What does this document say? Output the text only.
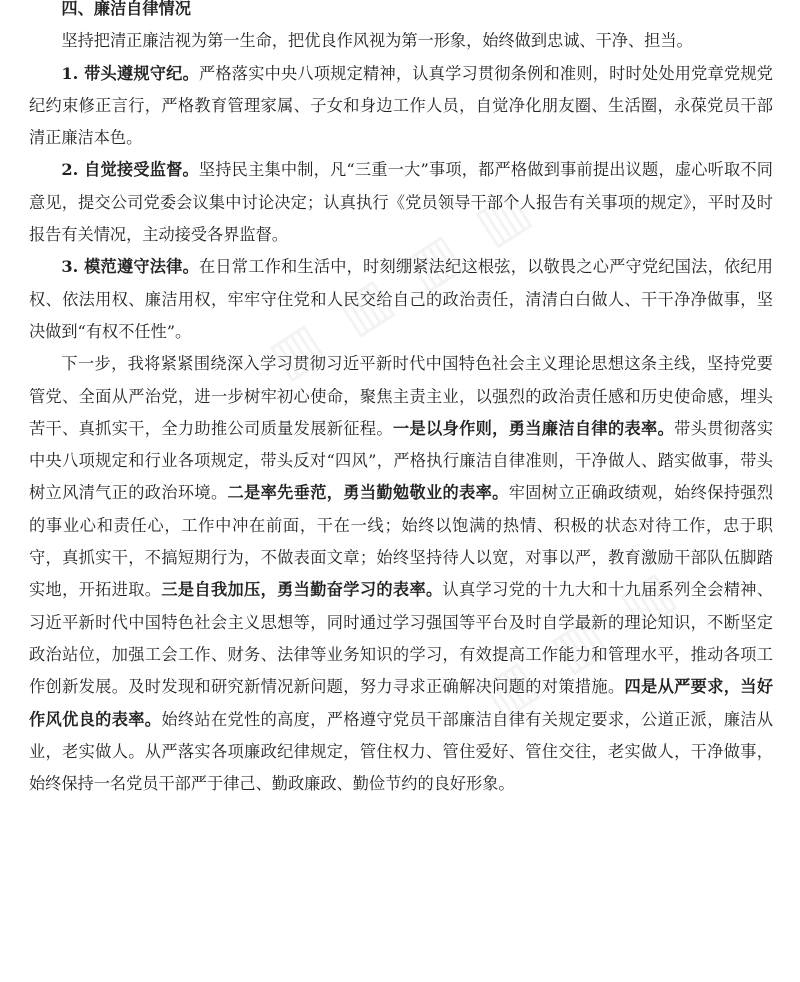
四、廉洁自律情况

坚持把清正廉洁视为第一生命，把优良作风视为第一形象，始终做到忠诚、干净、担当。

1. 带头遵规守纪。严格落实中央八项规定精神，认真学习贯彻条例和准则，时时处处用党章党规党纪约束修正言行，严格教育管理家属、子女和身边工作人员，自觉净化朋友圈、生活圈，永葆党员干部清正廉洁本色。

2. 自觉接受监督。坚持民主集中制，凡“三重一大”事项，都严格做到事前提出议题，虚心听取不同意见，提交公司党委会议集中讨论决定；认真执行《党员领导干部个人报告有关事项的规定》，平时及时报告有关情况，主动接受各界监督。

3. 模范遵守法律。在日常工作和生活中，时刻绷紧法纪这根弦，以敬畏之心严守党纪国法，依纪用权、依法用权、廉洁用权，牢牢守住党和人民交给自己的政治责任，清清白白做人、干干净净做事，坚决做到“有权不任性”。

下一步，我将紧紧围绕深入学习贯彻习近平新时代中国特色社会主义理论思想这条主线，坚持党要管党、全面从严治党，进一步树牢初心使命，聚焦主责主业，以强烈的政治责任感和历史使命感，埋头苦干、真抓实干，全力助推公司质量发展新征程。一是以身作则，勇当廉洁自律的表率。带头贯彻落实中央八项规定和行业各项规定，带头反对“四风”，严格执行廉洁自律准则，干净做人、踏实做事，带头树立风清气正的政治环境。二是率先垂范，勇当勤勉敬业的表率。牢固树立正确政绩观，始终保持强烈的事业心和责任心，工作中冲在前面，干在一线；始终以饱满的热情、积极的状态对待工作，忠于职守，真抓实干，不搞短期行为，不做表面文章；始终坚持待人以宽，对事以严，教育激励干部队伍脚踏实地，开拓进取。三是自我加压，勇当勤奋学习的表率。认真学习党的十九大和十九届系列全会精神、习近平新时代中国特色社会主义思想等，同时通过学习强国等平台及时自学最新的理论知识，不断坚定政治站位，加强工会工作、财务、法律等业务知识的学习，有效提高工作能力和管理水平，推动各项工作创新发展。及时发现和研究新情况新问题，努力寻求正确解决问题的对策措施。四是从严要求，当好作风优良的表率。始终站在党性的高度，严格遵守党员干部廉洁自律有关规定要求，公道正派，廉洁从业，老实做人。从严落实各项廉政纪律规定，管住权力、管住爱好、管住交往，老实做人，干净做事，始终保持一名党员干部严于律己、勤政廉政、勤俭节约的良好形象。
